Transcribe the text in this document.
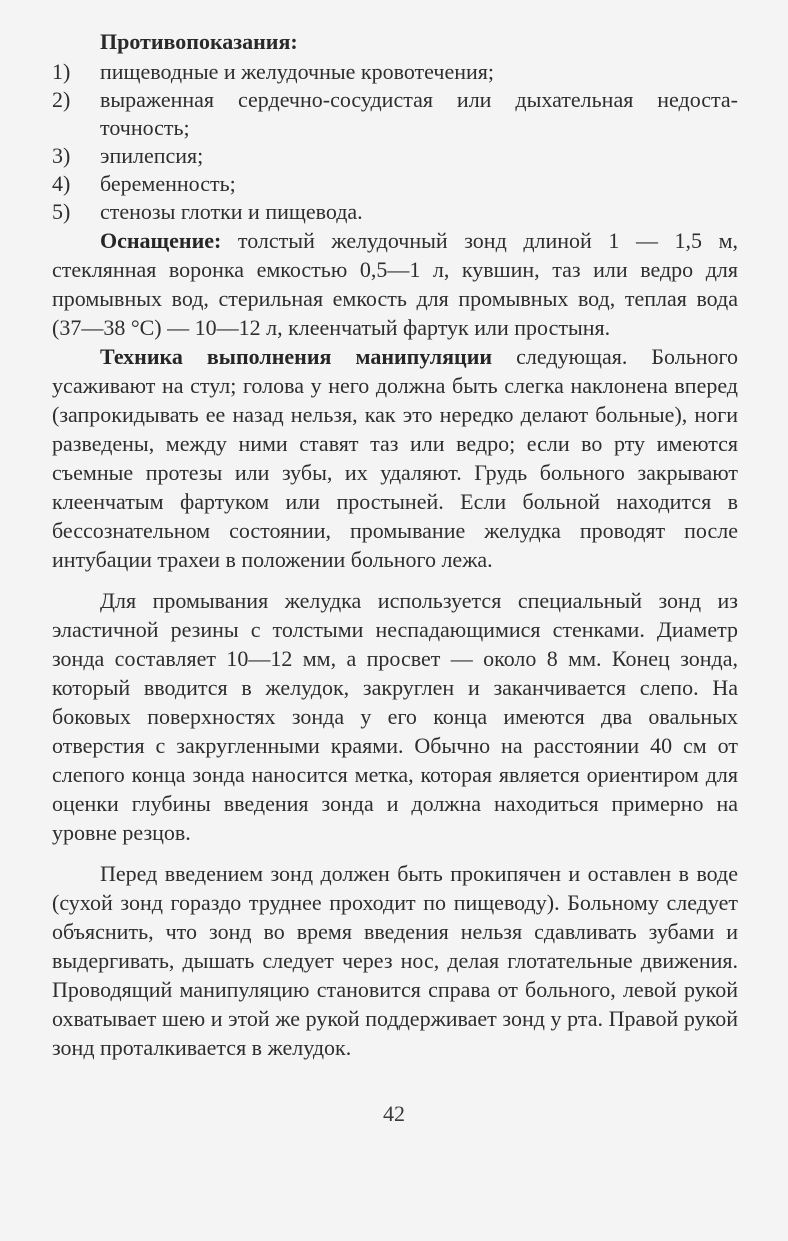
Противопоказания:
1) пищеводные и желудочные кровотечения;
2) выраженная сердечно-сосудистая или дыхательная недостаточность;
3) эпилепсия;
4) беременность;
5) стенозы глотки и пищевода.

Оснащение: толстый желудочный зонд длиной 1 — 1,5 м, стеклянная воронка емкостью 0,5—1 л, кувшин, таз или ведро для промывных вод, стерильная емкость для промывных вод, теплая вода (37—38 °С) — 10—12 л, клеенчатый фартук или простыня.

Техника выполнения манипуляции следующая. Больного усаживают на стул; голова у него должна быть слегка наклонена вперед (запрокидывать ее назад нельзя, как это нередко делают больные), ноги разведены, между ними ставят таз или ведро; если во рту имеются съемные протезы или зубы, их удаляют. Грудь больного закрывают клеенчатым фартуком или простыней. Если больной находится в бессознательном состоянии, промывание желудка проводят после интубации трахеи в положении больного лежа.

Для промывания желудка используется специальный зонд из эластичной резины с толстыми неспадающимися стенками. Диаметр зонда составляет 10—12 мм, а просвет — около 8 мм. Конец зонда, который вводится в желудок, закруглен и заканчивается слепо. На боковых поверхностях зонда у его конца имеются два овальных отверстия с закругленными краями. Обычно на расстоянии 40 см от слепого конца зонда наносится метка, которая является ориентиром для оценки глубины введения зонда и должна находиться примерно на уровне резцов.

Перед введением зонд должен быть прокипячен и оставлен в воде (сухой зонд гораздо труднее проходит по пищеводу). Больному следует объяснить, что зонд во время введения нельзя сдавливать зубами и выдергивать, дышать следует через нос, делая глотательные движения. Проводящий манипуляцию становится справа от больного, левой рукой охватывает шею и этой же рукой поддерживает зонд у рта. Правой рукой зонд проталкивается в желудок.

42
